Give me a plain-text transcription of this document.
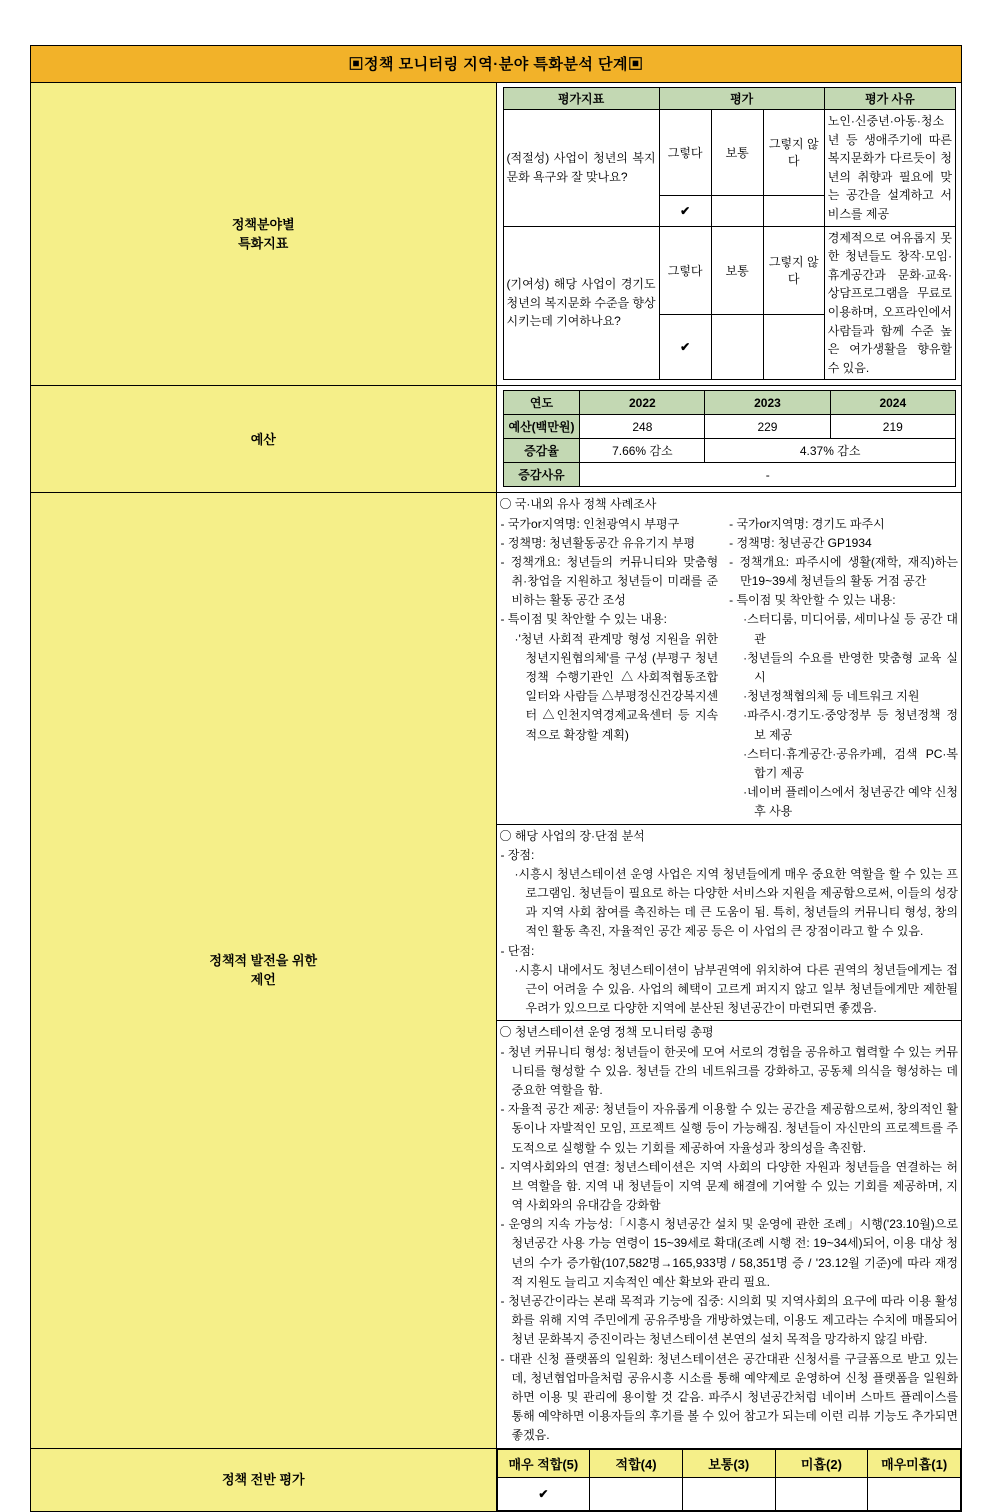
▣정책 모니터링 지역·분야 특화분석 단계▣

정책분야별
특화지표

평가지표	평가	평가 사유
(적절성) 사업이 청년의 복지문화 욕구와 잘 맞나요?	그렇다	보통	그렇지 않다	노인·신중년·아동·청소년 등 생애주기에 따른 복지문화가 다르듯이 청년의 취향과 필요에 맞는 공간을 설계하고 서비스를 제공
✔		
(기여성) 해당 사업이 경기도 청년의 복지문화 수준을 향상시키는데 기여하나요?	그렇다	보통	그렇지 않다	경제적으로 여유롭지 못한 청년들도 창작·모임·휴게공간과 문화·교육·상담프로그램을 무료로 이용하며, 오프라인에서 사람들과 함께 수준 높은 여가생활을 향유할 수 있음.
✔		

예산	
연도	2022	2023	2024
예산(백만원)	248	229	219
증감율	7.66% 감소	4.37% 감소
증감사유	-

정책적 발전을 위한
제언

〇 국·내외 유사 정책 사례조사
- 국가or지역명: 인천광역시 부평구
- 정책명: 청년활동공간 유유기지 부평
- 정책개요: 청년들의 커뮤니티와 맞춤형 취·창업을 지원하고 청년들이 미래를 준비하는 활동 공간 조성
- 특이점 및 착안할 수 있는 내용:
·'청년 사회적 관계망 형성 지원을 위한 청년지원협의체'를 구성 (부평구 청년정책 수행기관인 △사회적협동조합 일터와 사람들 △부평정신건강복지센터 △인천지역경제교육센터 등 지속적으로 확장할 계획)
- 국가or지역명: 경기도 파주시
- 정책명: 청년공간 GP1934
- 정책개요: 파주시에 생활(재학, 재직)하는 만19~39세 청년들의 활동 거점 공간
- 특이점 및 착안할 수 있는 내용:
·스터디룸, 미디어룸, 세미나실 등 공간 대관
·청년들의 수요를 반영한 맞춤형 교육 실시
·청년정책협의체 등 네트워크 지원
·파주시·경기도·중앙정부 등 청년정책 정보 제공
·스터디·휴게공간·공유카페, 검색 PC·복합기 제공
·네이버 플레이스에서 청년공간 예약 신청 후 사용

〇 해당 사업의 장·단점 분석
- 장점:
·시흥시 청년스테이션 운영 사업은 지역 청년들에게 매우 중요한 역할을 할 수 있는 프로그램임. 청년들이 필요로 하는 다양한 서비스와 지원을 제공함으로써, 이들의 성장과 지역 사회 참여를 촉진하는 데 큰 도움이 됨. 특히, 청년들의 커뮤니티 형성, 창의적인 활동 촉진, 자율적인 공간 제공 등은 이 사업의 큰 장점이라고 할 수 있음.
- 단점:
·시흥시 내에서도 청년스테이션이 남부권역에 위치하여 다른 권역의 청년들에게는 접근이 어려울 수 있음. 사업의 혜택이 고르게 퍼지지 않고 일부 청년들에게만 제한될 우려가 있으므로 다양한 지역에 분산된 청년공간이 마련되면 좋겠음.

〇 청년스테이션 운영 정책 모니터링 총평
- 청년 커뮤니티 형성: 청년들이 한곳에 모여 서로의 경험을 공유하고 협력할 수 있는 커뮤니티를 형성할 수 있음. 청년들 간의 네트워크를 강화하고, 공동체 의식을 형성하는 데 중요한 역할을 함.
- 자율적 공간 제공: 청년들이 자유롭게 이용할 수 있는 공간을 제공함으로써, 창의적인 활동이나 자발적인 모임, 프로젝트 실행 등이 가능해짐. 청년들이 자신만의 프로젝트를 주도적으로 실행할 수 있는 기회를 제공하여 자율성과 창의성을 촉진함.
- 지역사회와의 연결: 청년스테이션은 지역 사회의 다양한 자원과 청년들을 연결하는 허브 역할을 함. 지역 내 청년들이 지역 문제 해결에 기여할 수 있는 기회를 제공하며, 지역 사회와의 유대감을 강화함
- 운영의 지속 가능성:「시흥시 청년공간 설치 및 운영에 관한 조례」시행('23.10월)으로 청년공간 사용 가능 연령이 15~39세로 확대(조례 시행 전: 19~34세)되어, 이용 대상 청년의 수가 증가함(107,582명→165,933명 / 58,351명 증 / '23.12월 기준)에 따라 재정적 지원도 늘리고 지속적인 예산 확보와 관리 필요.
- 청년공간이라는 본래 목적과 기능에 집중: 시의회 및 지역사회의 요구에 따라 이용 활성화를 위해 지역 주민에게 공유주방을 개방하였는데, 이용도 제고라는 수치에 매몰되어 청년 문화복지 증진이라는 청년스테이션 본연의 설치 목적을 망각하지 않길 바람.
- 대관 신청 플랫폼의 일원화: 청년스테이션은 공간대관 신청서를 구글폼으로 받고 있는데, 청년협업마을처럼 공유시흥 시소를 통해 예약제로 운영하여 신청 플랫폼을 일원화하면 이용 및 관리에 용이할 것 같음. 파주시 청년공간처럼 네이버 스마트 플레이스를 통해 예약하면 이용자들의 후기를 볼 수 있어 참고가 되는데 이런 리뷰 기능도 추가되면 좋겠음.

정책 전반 평가	
매우 적합(5)	적합(4)	보통(3)	미흡(2)	매우미흡(1)
✔				
